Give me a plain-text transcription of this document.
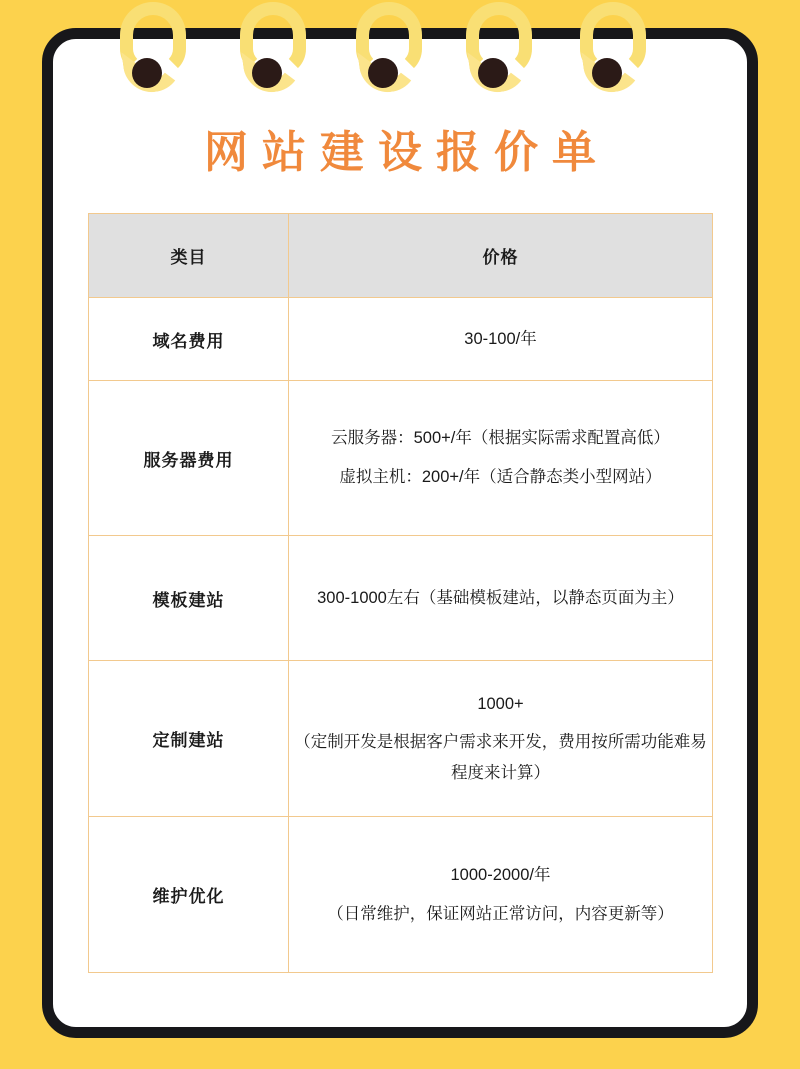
网站建设报价单
类目	价格
域名费用	30-100/年

服务器费用	云服务器：500+/年（根据实际需求配置高低）
虚拟主机：200+/年（适合静态类小型网站）

模板建站	300-1000左右（基础模板建站，以静态页面为主）

定制建站	1000+
（定制开发是根据客户需求来开发，费用按所需功能难易程度来计算）

维护优化	1000-2000/年
（日常维护，保证网站正常访问，内容更新等）
